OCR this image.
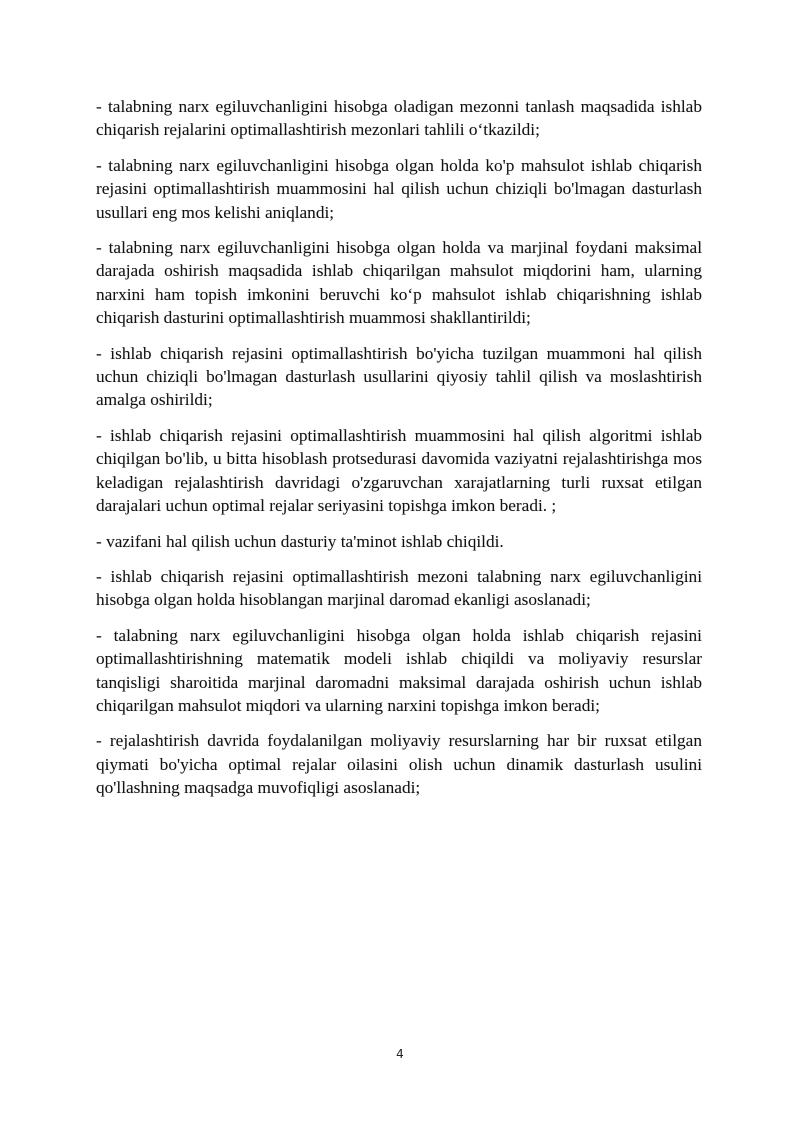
- talabning narx egiluvchanligini hisobga oladigan mezonni tanlash maqsadida ishlab chiqarish rejalarini optimallashtirish mezonlari tahlili o‘tkazildi;

- talabning narx egiluvchanligini hisobga olgan holda ko'p mahsulot ishlab chiqarish rejasini optimallashtirish muammosini hal qilish uchun chiziqli bo'lmagan dasturlash usullari eng mos kelishi aniqlandi;

- talabning narx egiluvchanligini hisobga olgan holda va marjinal foydani maksimal darajada oshirish maqsadida ishlab chiqarilgan mahsulot miqdorini ham, ularning narxini ham topish imkonini beruvchi ko‘p mahsulot ishlab chiqarishning ishlab chiqarish dasturini optimallashtirish muammosi shakllantirildi;

- ishlab chiqarish rejasini optimallashtirish bo'yicha tuzilgan muammoni hal qilish uchun chiziqli bo'lmagan dasturlash usullarini qiyosiy tahlil qilish va moslashtirish amalga oshirildi;

- ishlab chiqarish rejasini optimallashtirish muammosini hal qilish algoritmi ishlab chiqilgan bo'lib, u bitta hisoblash protsedurasi davomida vaziyatni rejalashtirishga mos keladigan rejalashtirish davridagi o'zgaruvchan xarajatlarning turli ruxsat etilgan darajalari uchun optimal rejalar seriyasini topishga imkon beradi. ;

- vazifani hal qilish uchun dasturiy ta'minot ishlab chiqildi.

- ishlab chiqarish rejasini optimallashtirish mezoni talabning narx egiluvchanligini hisobga olgan holda hisoblangan marjinal daromad ekanligi asoslanadi;

- talabning narx egiluvchanligini hisobga olgan holda ishlab chiqarish rejasini optimallashtirishning matematik modeli ishlab chiqildi va moliyaviy resurslar tanqisligi sharoitida marjinal daromadni maksimal darajada oshirish uchun ishlab chiqarilgan mahsulot miqdori va ularning narxini topishga imkon beradi;

- rejalashtirish davrida foydalanilgan moliyaviy resurslarning har bir ruxsat etilgan qiymati bo'yicha optimal rejalar oilasini olish uchun dinamik dasturlash usulini qo'llashning maqsadga muvofiqligi asoslanadi;

4
